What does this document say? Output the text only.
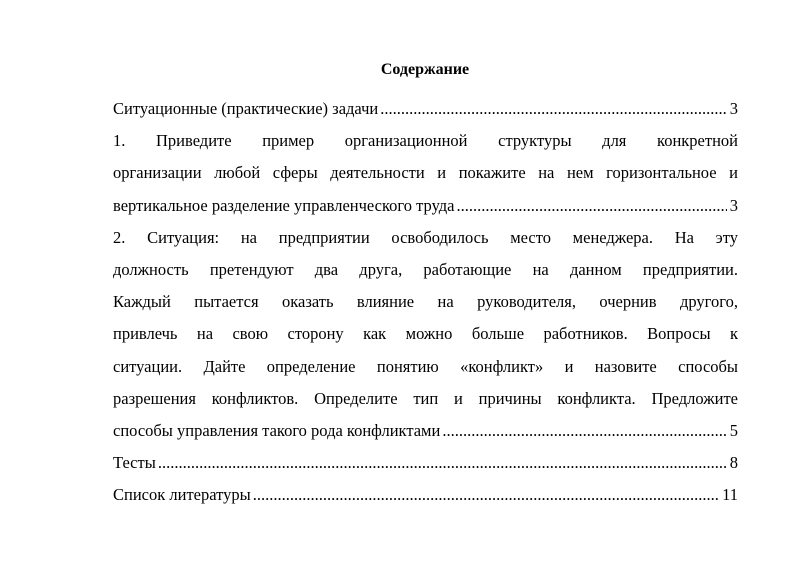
Содержание
Ситуационные (практические) задачи .....	3
1. Приведите пример организационной структуры для конкретной
организации любой сферы деятельности и покажите на нем горизонтальное и
вертикальное разделение управленческого труда .....	3
2. Ситуация: на предприятии освободилось место менеджера. На эту
должность претендуют два друга, работающие на данном предприятии.
Каждый пытается оказать влияние на руководителя, очернив другого,
привлечь на свою сторону как можно больше работников. Вопросы к
ситуации. Дайте определение понятию «конфликт» и назовите способы
разрешения конфликтов. Определите тип и причины конфликта. Предложите
способы управления такого рода конфликтами .....	5
Тесты .....	8
Список литературы .....	11
